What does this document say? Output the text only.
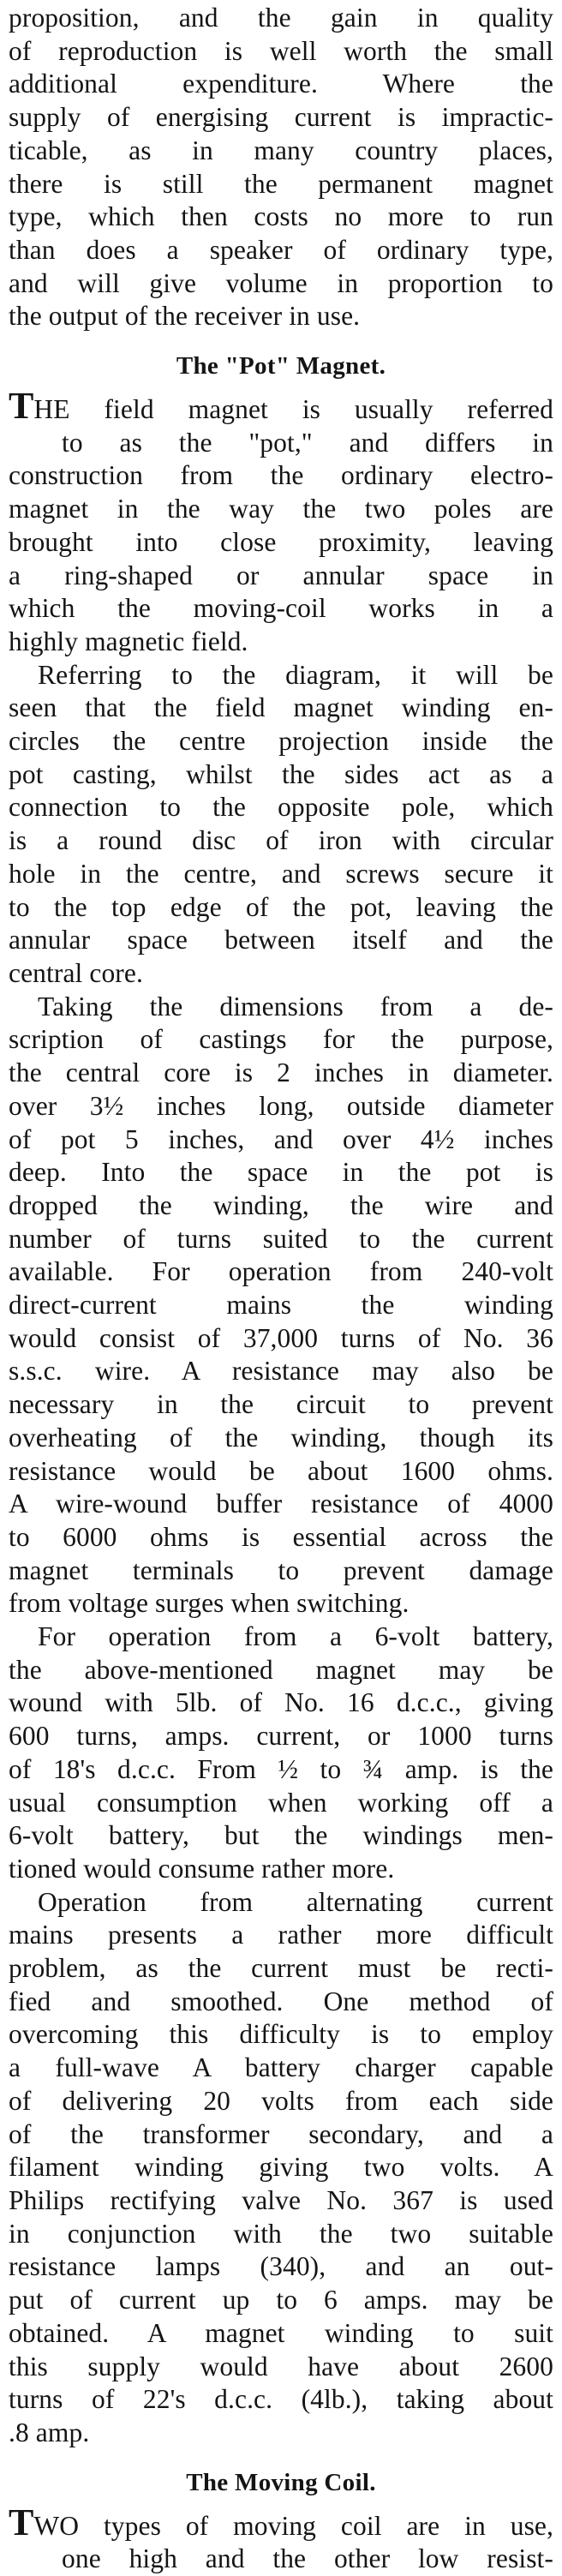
proposition, and the gain in quality
of reproduction is well worth the small
additional expenditure. Where the
supply of energising current is impractic-
ticable, as in many country places,
there is still the permanent magnet
type, which then costs no more to run
than does a speaker of ordinary type,
and will give volume in proportion to
the output of the receiver in use.

The "Pot" Magnet.

THE field magnet is usually referred
to as the "pot," and differs in
construction from the ordinary electro-
magnet in the way the two poles are
brought into close proximity, leaving
a ring-shaped or annular space in
which the moving-coil works in a
highly magnetic field.

Referring to the diagram, it will be
seen that the field magnet winding en-
circles the centre projection inside the
pot casting, whilst the sides act as a
connection to the opposite pole, which
is a round disc of iron with circular
hole in the centre, and screws secure it
to the top edge of the pot, leaving the
annular space between itself and the
central core.

Taking the dimensions from a de-
scription of castings for the purpose,
the central core is 2 inches in diameter.
over 3½ inches long, outside diameter
of pot 5 inches, and over 4½ inches
deep. Into the space in the pot is
dropped the winding, the wire and
number of turns suited to the current
available. For operation from 240-volt
direct-current mains the winding
would consist of 37,000 turns of No. 36
s.s.c. wire. A resistance may also be
necessary in the circuit to prevent
overheating of the winding, though its
resistance would be about 1600 ohms.
A wire-wound buffer resistance of 4000
to 6000 ohms is essential across the
magnet terminals to prevent damage
from voltage surges when switching.

For operation from a 6-volt battery,
the above-mentioned magnet may be
wound with 5lb. of No. 16 d.c.c., giving
600 turns, amps. current, or 1000 turns
of 18's d.c.c. From ½ to ¾ amp. is the
usual consumption when working off a
6-volt battery, but the windings men-
tioned would consume rather more.

Operation from alternating current
mains presents a rather more difficult
problem, as the current must be recti-
fied and smoothed. One method of
overcoming this difficulty is to employ
a full-wave A battery charger capable
of delivering 20 volts from each side
of the transformer secondary, and a
filament winding giving two volts. A
Philips rectifying valve No. 367 is used
in conjunction with the two suitable
resistance lamps (340), and an out-
put of current up to 6 amps. may be
obtained. A magnet winding to suit
this supply would have about 2600
turns of 22's d.c.c. (4lb.), taking about
.8 amp.

The Moving Coil.

TWO types of moving coil are in use,
one high and the other low resist-
